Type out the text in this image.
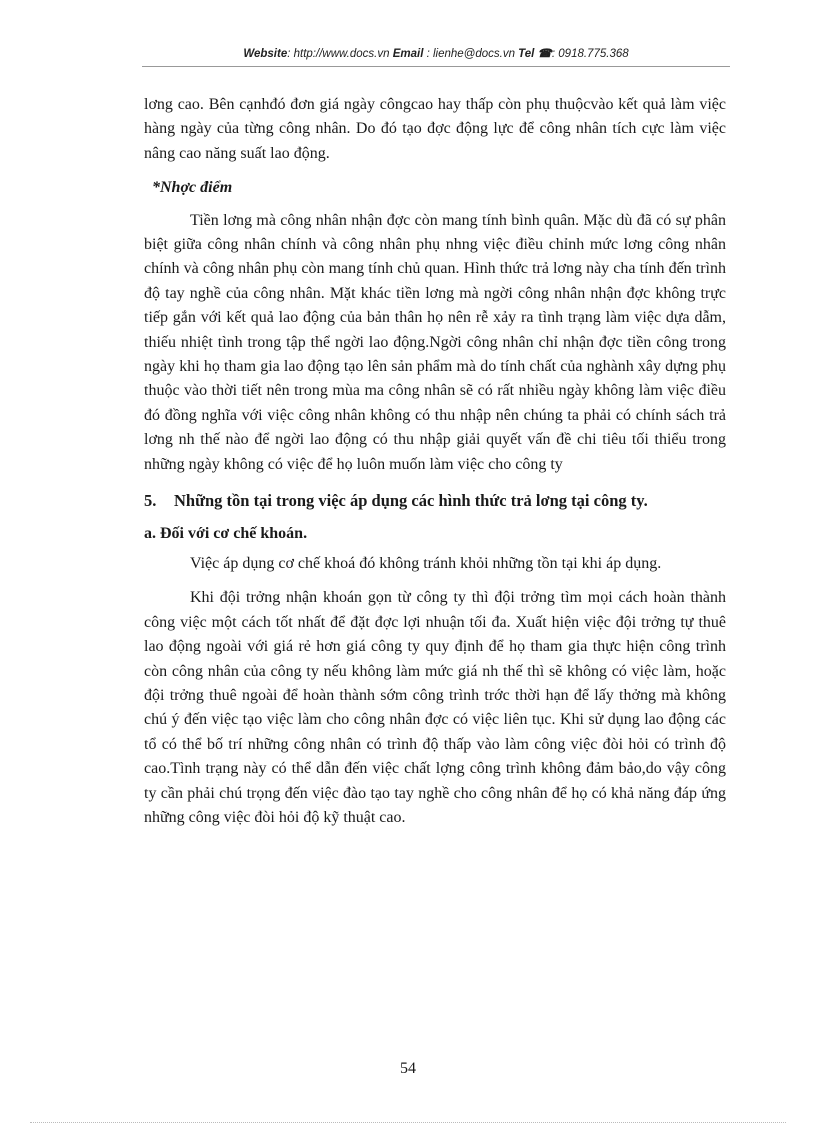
Website: http://www.docs.vn Email : lienhe@docs.vn Tel ☎: 0918.775.368

lơng cao. Bên cạnhđó đơn giá ngày côngcao hay thấp còn phụ thuộcvào kết quả làm việc hàng ngày của từng công nhân. Do đó tạo đợc động lực để công nhân tích cực làm việc nâng cao năng suất lao động.

*Nhợc điểm

Tiền lơng mà công nhân nhận đợc còn mang tính bình quân. Mặc dù đã có sự phân biệt giữa công nhân chính và công nhân phụ nhng việc điều chỉnh mức lơng công nhân chính và công nhân phụ còn mang tính chủ quan. Hình thức trả lơng này cha tính đến trình độ tay nghề của công nhân. Mặt khác tiền lơng mà ngời công nhân nhận đợc không trực tiếp gắn với kết quả lao động của bản thân họ nên rễ xảy ra tình trạng làm việc dựa dẫm, thiếu nhiệt tình trong tập thể ngời lao động.Ngời công nhân chỉ nhận đợc tiền công trong ngày khi họ tham gia lao động tạo lên sản phẩm mà do tính chất của nghành xây dựng phụ thuộc vào thời tiết nên trong mùa ma công nhân sẽ có rất nhiều ngày không làm việc điều đó đồng nghĩa với việc công nhân không có thu nhập nên chúng ta phải có chính sách trả lơng nh thế nào để ngời lao động có thu nhập giải quyết vấn đề chi tiêu tối thiểu trong những ngày không có việc để họ luôn muốn làm việc cho công ty

5.	Những tồn tại trong việc áp dụng các hình thức trả lơng tại công ty.

a. Đối với cơ chế khoán.

Việc áp dụng cơ chế khoá đó không tránh khỏi những tồn tại khi áp dụng.

Khi đội trởng nhận khoán gọn từ công ty thì đội trởng tìm mọi cách hoàn thành công việc một cách tốt nhất để đặt đợc lợi nhuận tối đa. Xuất hiện việc đội trởng tự thuê lao động ngoài với giá rẻ hơn giá công ty quy định để họ tham gia thực hiện công trình còn công nhân của công ty nếu không làm mức giá nh thế thì sẽ không có việc làm, hoặc đội trởng thuê ngoài để hoàn thành sớm công trình trớc thời hạn để lấy thởng mà không chú ý đến việc tạo việc làm cho công nhân đợc có việc liên tục. Khi sử dụng lao động các tổ có thể bố trí những công nhân có trình độ thấp vào làm công việc đòi hỏi có trình độ cao.Tình trạng này có thể dẫn đến việc chất lợng công trình không đảm bảo,do vậy công ty cần phải chú trọng đến việc đào tạo tay nghề cho công nhân để họ có khả năng đáp ứng những công việc đòi hỏi độ kỹ thuật cao.

54
